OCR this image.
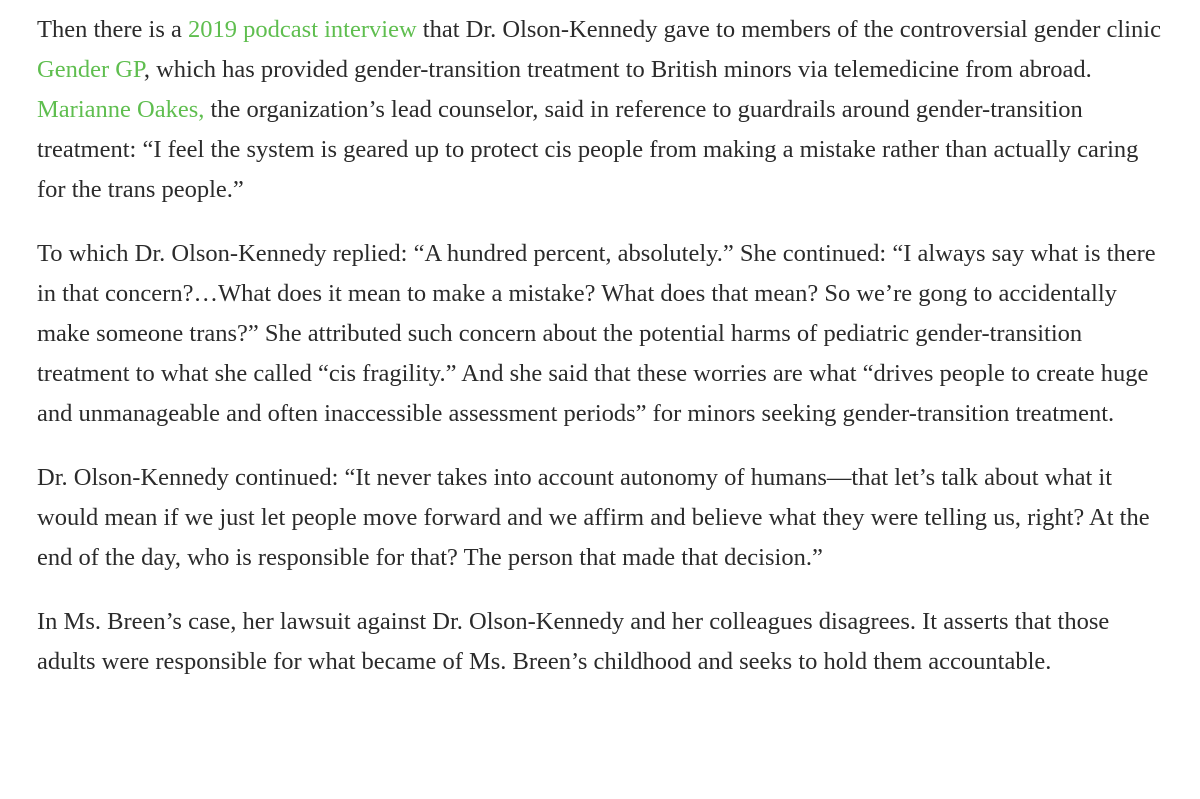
Then there is a 2019 podcast interview that Dr. Olson-Kennedy gave to members of the controversial gender clinic Gender GP, which has provided gender-transition treatment to British minors via telemedicine from abroad. Marianne Oakes, the organization’s lead counselor, said in reference to guardrails around gender-transition treatment: “I feel the system is geared up to protect cis people from making a mistake rather than actually caring for the trans people.”

To which Dr. Olson-Kennedy replied: “A hundred percent, absolutely.” She continued: “I always say what is there in that concern?…What does it mean to make a mistake? What does that mean? So we’re gong to accidentally make someone trans?” She attributed such concern about the potential harms of pediatric gender-transition treatment to what she called “cis fragility.” And she said that these worries are what “drives people to create huge and unmanageable and often inaccessible assessment periods” for minors seeking gender-transition treatment.

Dr. Olson-Kennedy continued: “It never takes into account autonomy of humans—that let’s talk about what it would mean if we just let people move forward and we affirm and believe what they were telling us, right? At the end of the day, who is responsible for that? The person that made that decision.”

In Ms. Breen’s case, her lawsuit against Dr. Olson-Kennedy and her colleagues disagrees. It asserts that those adults were responsible for what became of Ms. Breen’s childhood and seeks to hold them accountable.
